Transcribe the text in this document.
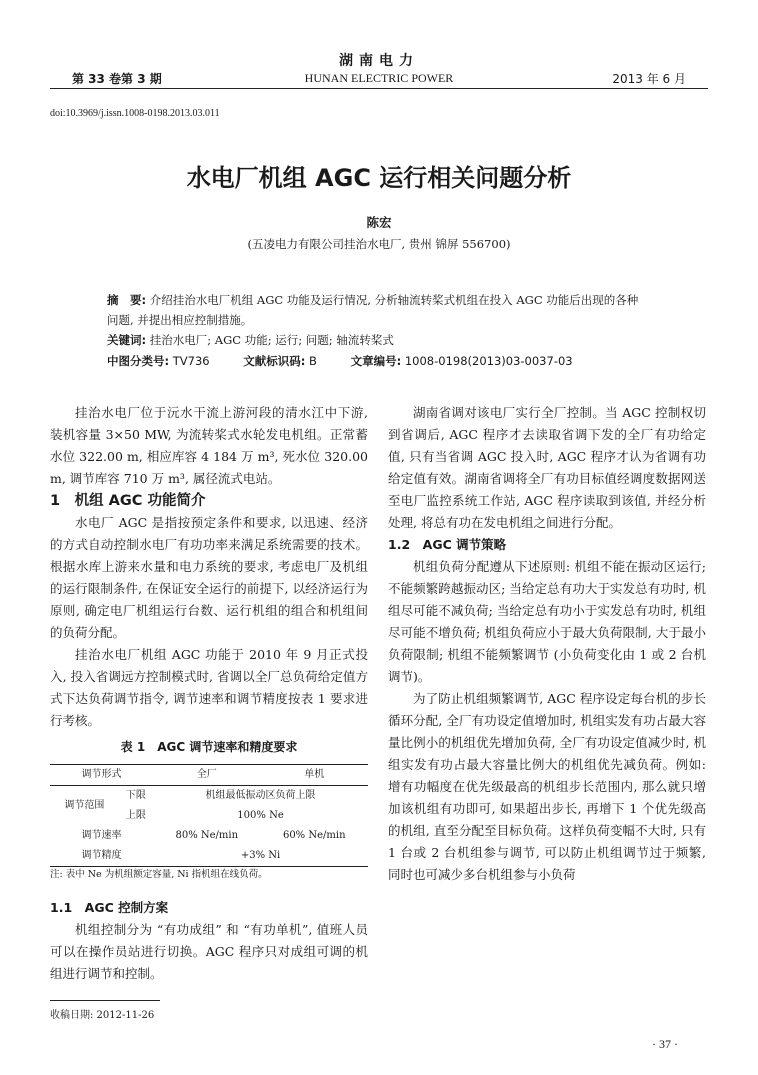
湖南电力
第 33 卷第 3 期	HUNAN ELECTRIC POWER	2013 年 6 月
doi:10.3969/j.issn.1008-0198.2013.03.011
水电厂机组 AGC 运行相关问题分析
陈宏
(五凌电力有限公司挂治水电厂, 贵州 锦屏 556700)

摘　要: 介绍挂治水电厂机组 AGC 功能及运行情况, 分析轴流转桨式机组在投入 AGC 功能后出现的各种问题, 并提出相应控制措施。

关键词: 挂治水电厂; AGC 功能; 运行; 问题; 轴流转桨式

中图分类号: TV736	文献标识码: B	文章编号: 1008-0198(2013)03-0037-03

挂治水电厂位于沅水干流上游河段的清水江中下游, 装机容量 3×50 MW, 为流转桨式水轮发电机组。正常蓄水位 322.00 m, 相应库容 4 184 万 m³, 死水位 320.00 m, 调节库容 710 万 m³, 属径流式电站。

1　机组 AGC 功能简介

水电厂 AGC 是指按预定条件和要求, 以迅速、经济的方式自动控制水电厂有功功率来满足系统需要的技术。根据水库上游来水量和电力系统的要求, 考虑电厂及机组的运行限制条件, 在保证安全运行的前提下, 以经济运行为原则, 确定电厂机组运行台数、运行机组的组合和机组间的负荷分配。

挂治水电厂机组 AGC 功能于 2010 年 9 月正式投入, 投入省调远方控制模式时, 省调以全厂总负荷给定值方式下达负荷调节指令, 调节速率和调节精度按表 1 要求进行考核。

表 1　AGC 调节速率和精度要求
调节形式		全厂	单机
调节范围	下限	机组最低振动区负荷上限	
	上限	100% Ne	
调节速率		80% Ne/min	60% Ne/min
调节精度		+3% Ni	

注: 表中 Ne 为机组额定容量, Ni 指机组在线负荷。

1.1　AGC 控制方案

机组控制分为 “有功成组” 和 “有功单机”, 值班人员可以在操作员站进行切换。AGC 程序只对成组可调的机组进行调节和控制。

湖南省调对该电厂实行全厂控制。当 AGC 控制权切到省调后, AGC 程序才去读取省调下发的全厂有功给定值, 只有当省调 AGC 投入时, AGC 程序才认为省调有功给定值有效。湖南省调将全厂有功目标值经调度数据网送至电厂监控系统工作站, AGC 程序读取到该值, 并经分析处理, 将总有功在发电机组之间进行分配。

1.2　AGC 调节策略

机组负荷分配遵从下述原则: 机组不能在振动区运行; 不能频繁跨越振动区; 当给定总有功大于实发总有功时, 机组尽可能不减负荷; 当给定总有功小于实发总有功时, 机组尽可能不增负荷; 机组负荷应小于最大负荷限制, 大于最小负荷限制; 机组不能频繁调节 (小负荷变化由 1 或 2 台机调节)。

为了防止机组频繁调节, AGC 程序设定每台机的步长循环分配, 全厂有功设定值增加时, 机组实发有功占最大容量比例小的机组优先增加负荷, 全厂有功设定值减少时, 机组实发有功占最大容量比例大的机组优先减负荷。例如: 增有功幅度在优先级最高的机组步长范围内, 那么就只增加该机组有功即可, 如果超出步长, 再增下 1 个优先级高的机组, 直至分配至目标负荷。这样负荷变幅不大时, 只有 1 台或 2 台机组参与调节, 可以防止机组调节过于频繁, 同时也可减少多台机组参与小负荷

收稿日期: 2012-11-26
· 37 ·
